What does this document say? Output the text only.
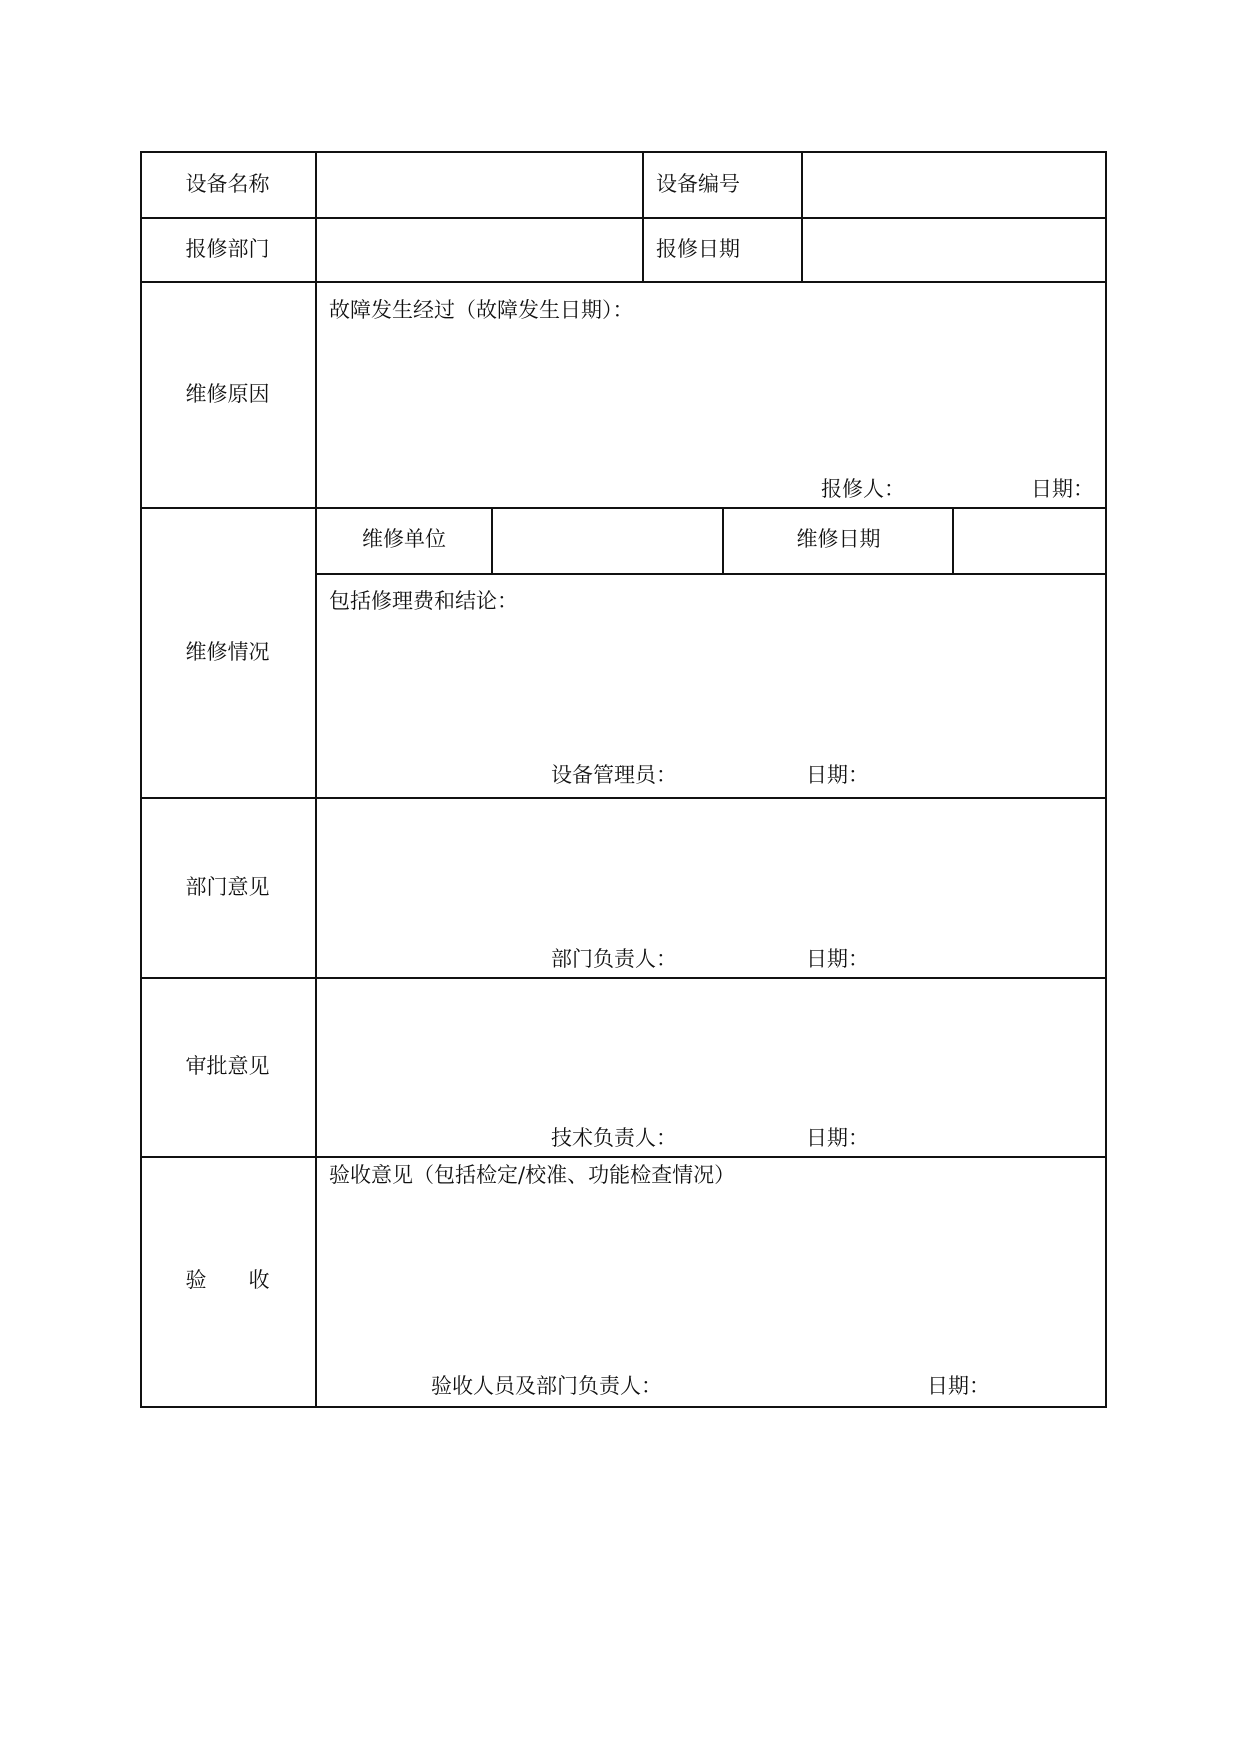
设备名称	设备编号
报修部门	报修日期
维修原因
故障发生经过（故障发生日期）：
报修人：	日期：
维修情况
维修单位	维修日期
包括修理费和结论：
设备管理员：	日期：
部门意见
部门负责人：	日期：
审批意见
技术负责人：	日期：
验　　收
验收意见（包括检定/校准、功能检查情况）
验收人员及部门负责人：	日期：
